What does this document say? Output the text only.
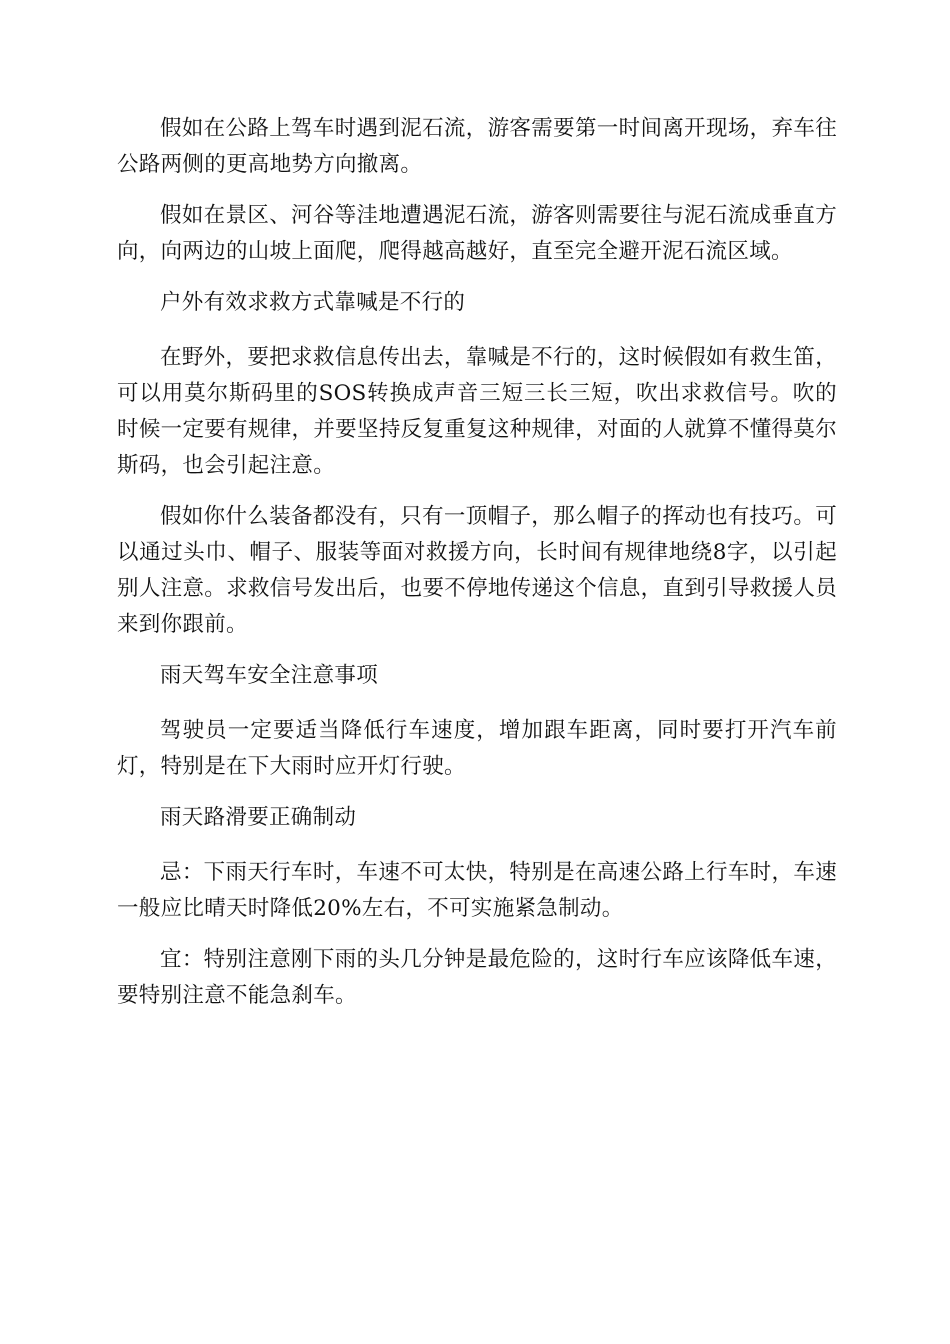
假如在公路上驾车时遇到泥石流，游客需要第一时间离开现场，弃车往公路两侧的更高地势方向撤离。

假如在景区、河谷等洼地遭遇泥石流，游客则需要往与泥石流成垂直方向，向两边的山坡上面爬，爬得越高越好，直至完全避开泥石流区域。

户外有效求救方式靠喊是不行的

在野外，要把求救信息传出去，靠喊是不行的，这时候假如有救生笛，可以用莫尔斯码里的SOS转换成声音三短三长三短，吹出求救信号。吹的时候一定要有规律，并要坚持反复重复这种规律，对面的人就算不懂得莫尔斯码，也会引起注意。

假如你什么装备都没有，只有一顶帽子，那么帽子的挥动也有技巧。可以通过头巾、帽子、服装等面对救援方向，长时间有规律地绕8字，以引起别人注意。求救信号发出后，也要不停地传递这个信息，直到引导救援人员来到你跟前。

雨天驾车安全注意事项

驾驶员一定要适当降低行车速度，增加跟车距离，同时要打开汽车前灯，特别是在下大雨时应开灯行驶。

雨天路滑要正确制动

忌：下雨天行车时，车速不可太快，特别是在高速公路上行车时，车速一般应比晴天时降低20%左右，不可实施紧急制动。

宜：特别注意刚下雨的头几分钟是最危险的，这时行车应该降低车速，要特别注意不能急刹车。
